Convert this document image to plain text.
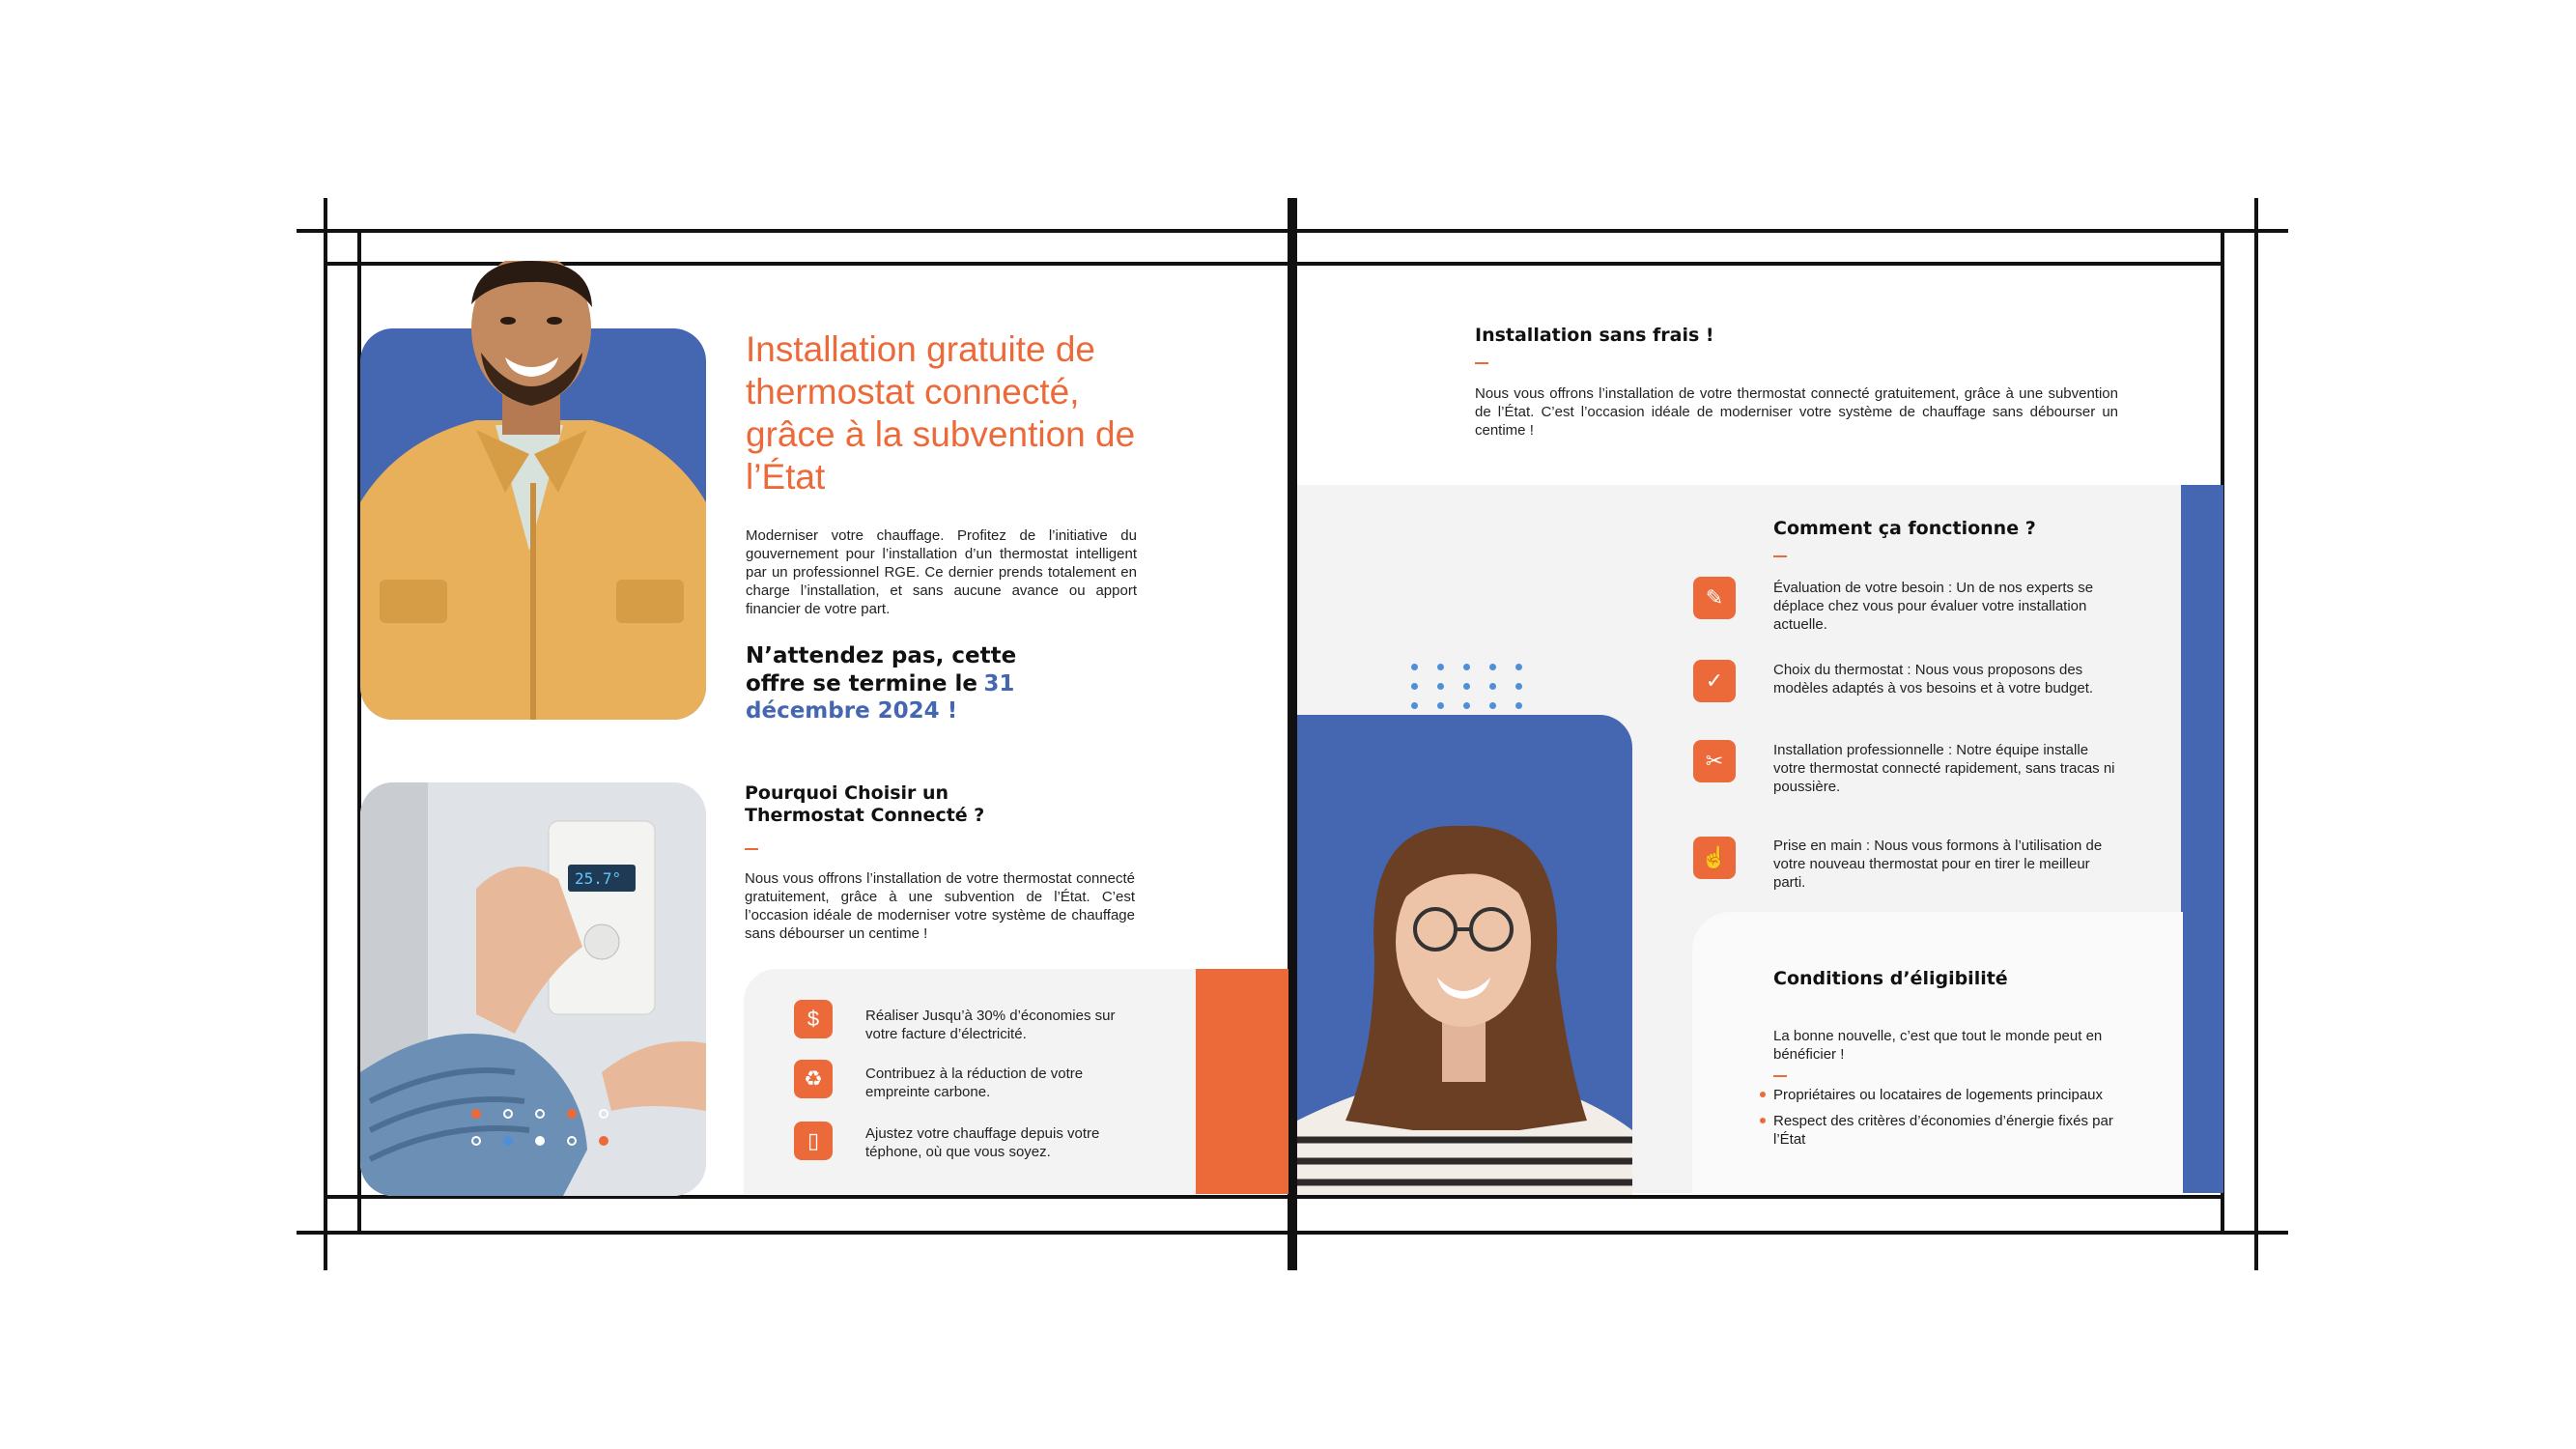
Installation gratuite de thermostat connecté, grâce à la subvention de l’État

Moderniser votre chauffage. Profitez de l’initiative du gouvernement pour l’installation d’un thermostat intelligent par un professionnel RGE. Ce dernier prends totalement en charge l’installation, et sans aucune avance ou apport financier de votre part.

N’attendez pas, cette
offre se termine le 31
décembre 2024 !
25.7°
Pourquoi Choisir un
Thermostat Connecté ?

Nous vous offrons l’installation de votre thermostat connecté gratuitement, grâce à une subvention de l’État. C’est l’occasion idéale de moderniser votre système de chauffage sans débourser un centime !

$	Réaliser Jusqu’à 30% d’économies sur votre facture d’électricité.

♻	Contribuez à la réduction de votre empreinte carbone.

▯	Ajustez votre chauffage depuis votre téphone, où que vous soyez.

Installation sans frais !

Nous vous offrons l’installation de votre thermostat connecté gratuitement, grâce à une subvention de l’État. C’est l’occasion idéale de moderniser votre système de chauffage sans débourser un centime !

Comment ça fonctionne ?
✎	Évaluation de votre besoin : Un de nos experts se déplace chez vous pour évaluer votre installation actuelle.

✓	Choix du thermostat : Nous vous proposons des modèles adaptés à vos besoins et à votre budget.

✂	Installation professionnelle : Notre équipe installe votre thermostat connecté rapidement, sans tracas ni poussière.

☝	Prise en main : Nous vous formons à l’utilisation de votre nouveau thermostat pour en tirer le meilleur parti.

Conditions d’éligibilité

La bonne nouvelle, c’est que tout le monde peut en bénéficier !

Propriétaires ou locataires de logements principaux
Respect des critères d’économies d’énergie fixés par l’État
